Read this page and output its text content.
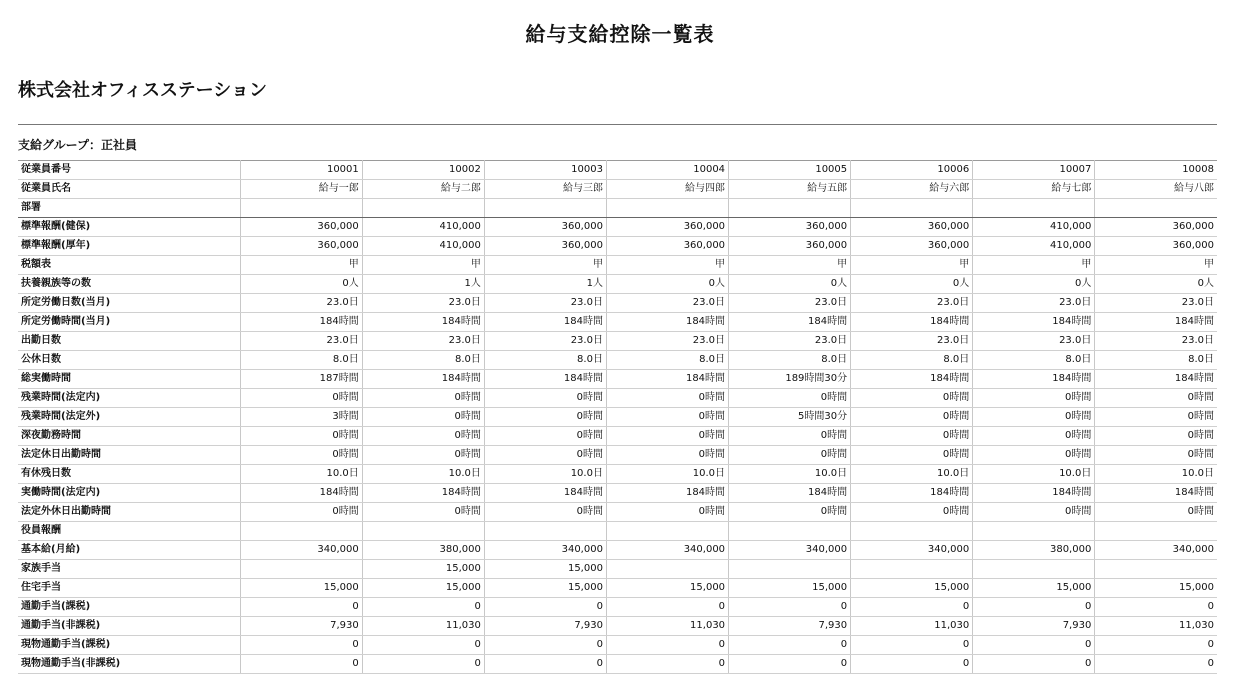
給与支給控除一覧表
株式会社オフィスステーション
支給グループ：正社員
従業員番号	10001	10002	10003	10004	10005	10006	10007	10008
従業員氏名	給与一郎	給与二郎	給与三郎	給与四郎	給与五郎	給与六郎	給与七郎	給与八郎
部署								
標準報酬(健保)	360,000	410,000	360,000	360,000	360,000	360,000	410,000	360,000
標準報酬(厚年)	360,000	410,000	360,000	360,000	360,000	360,000	410,000	360,000
税額表	甲	甲	甲	甲	甲	甲	甲	甲
扶養親族等の数	0人	1人	1人	0人	0人	0人	0人	0人
所定労働日数(当月)	23.0日	23.0日	23.0日	23.0日	23.0日	23.0日	23.0日	23.0日
所定労働時間(当月)	184時間	184時間	184時間	184時間	184時間	184時間	184時間	184時間
出勤日数	23.0日	23.0日	23.0日	23.0日	23.0日	23.0日	23.0日	23.0日
公休日数	8.0日	8.0日	8.0日	8.0日	8.0日	8.0日	8.0日	8.0日
総実働時間	187時間	184時間	184時間	184時間	189時間30分	184時間	184時間	184時間
残業時間(法定内)	0時間	0時間	0時間	0時間	0時間	0時間	0時間	0時間
残業時間(法定外)	3時間	0時間	0時間	0時間	5時間30分	0時間	0時間	0時間
深夜勤務時間	0時間	0時間	0時間	0時間	0時間	0時間	0時間	0時間
法定休日出勤時間	0時間	0時間	0時間	0時間	0時間	0時間	0時間	0時間
有休残日数	10.0日	10.0日	10.0日	10.0日	10.0日	10.0日	10.0日	10.0日
実働時間(法定内)	184時間	184時間	184時間	184時間	184時間	184時間	184時間	184時間
法定外休日出勤時間	0時間	0時間	0時間	0時間	0時間	0時間	0時間	0時間
役員報酬								
基本給(月給)	340,000	380,000	340,000	340,000	340,000	340,000	380,000	340,000
家族手当		15,000	15,000					
住宅手当	15,000	15,000	15,000	15,000	15,000	15,000	15,000	15,000
通勤手当(課税)	0	0	0	0	0	0	0	0
通勤手当(非課税)	7,930	11,030	7,930	11,030	7,930	11,030	7,930	11,030
現物通勤手当(課税)	0	0	0	0	0	0	0	0
現物通勤手当(非課税)	0	0	0	0	0	0	0	0
